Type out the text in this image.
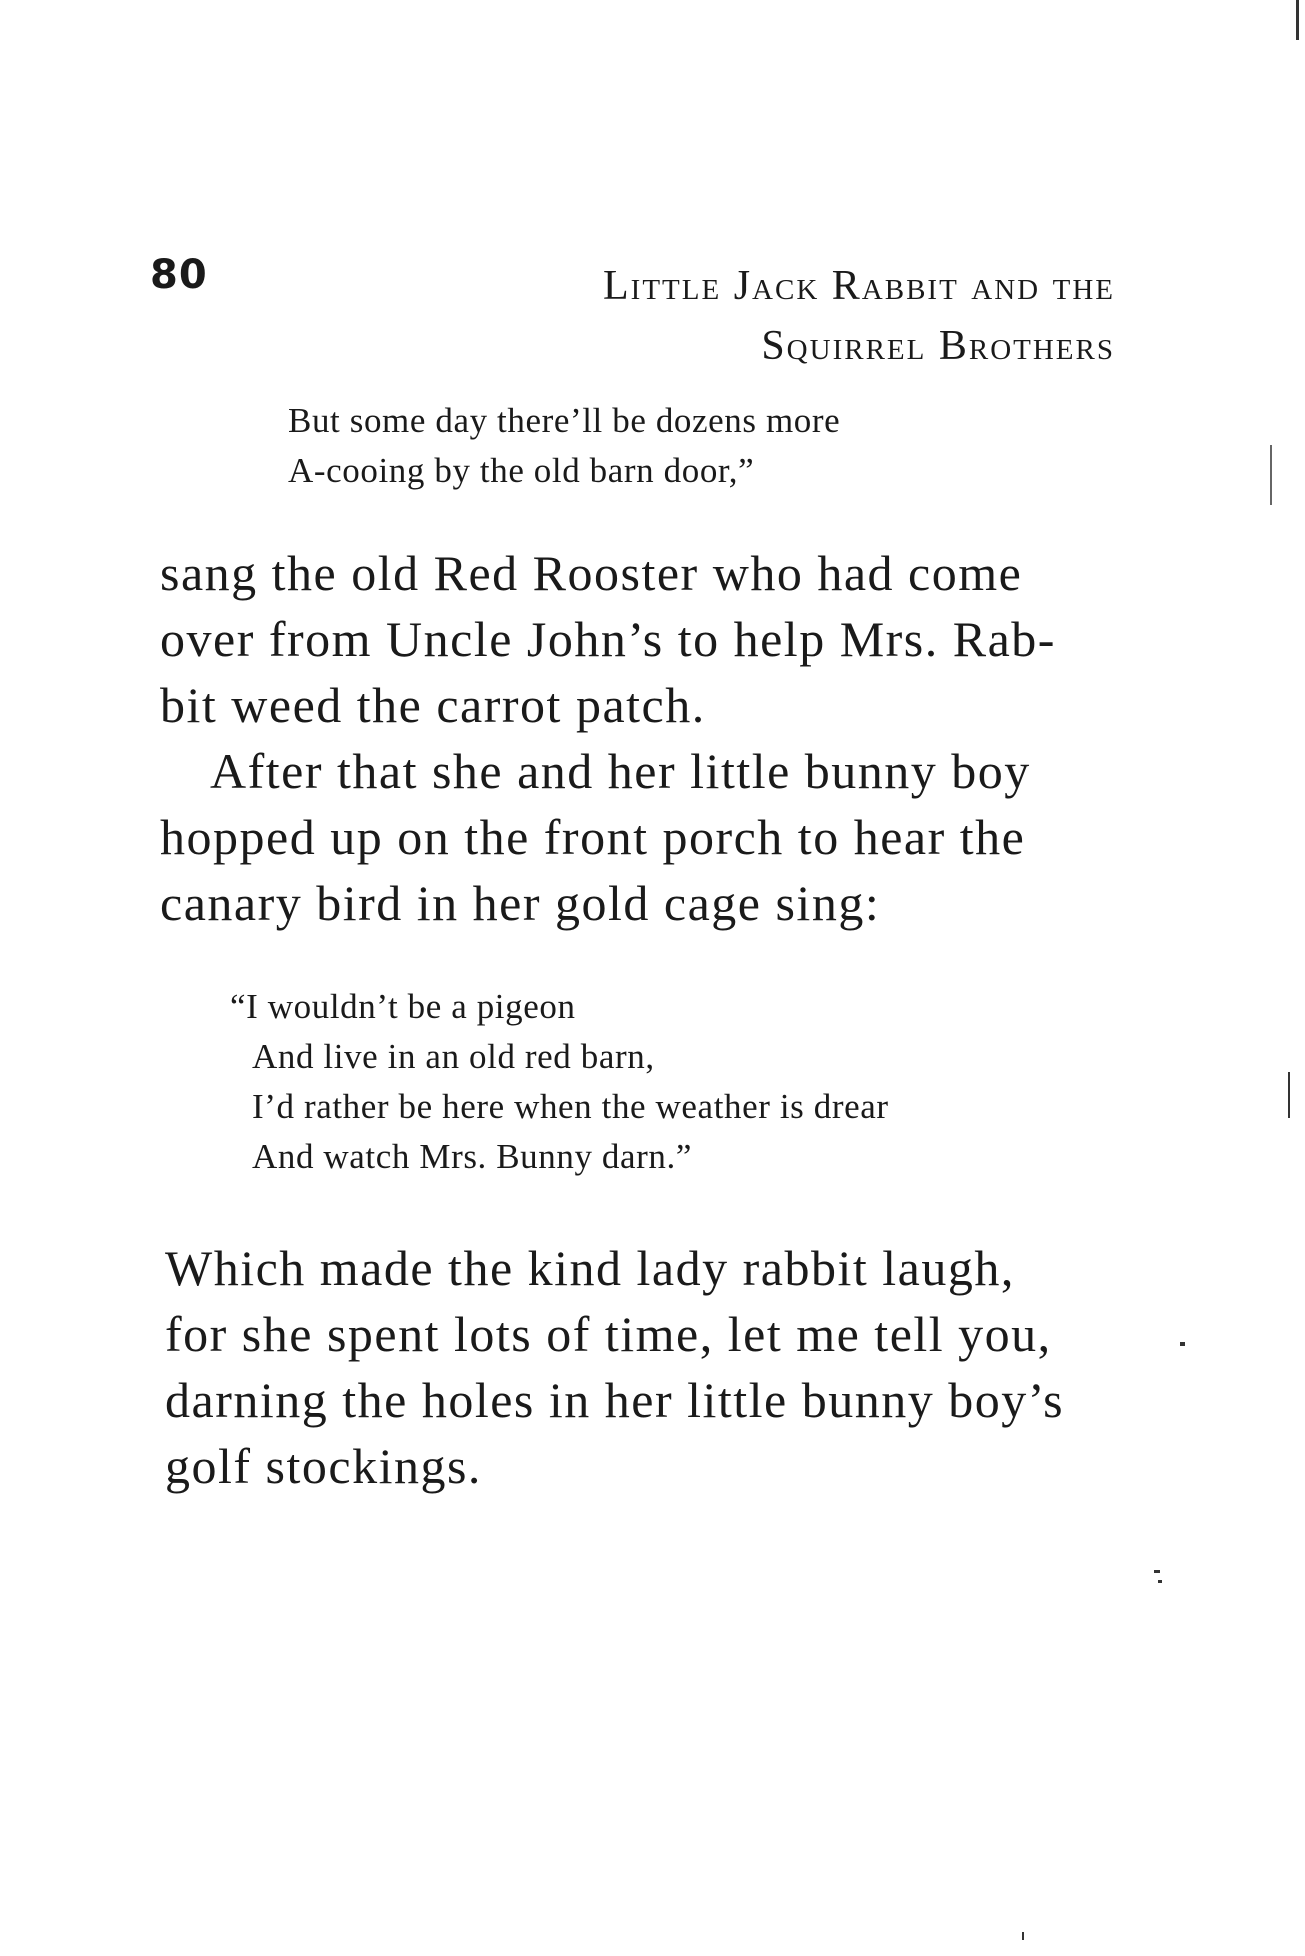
80	Little Jack Rabbit and the
Squirrel Brothers
But some day there’ll be dozens more
A-cooing by the old barn door,”
sang the old Red Rooster who had come
over from Uncle John’s to help Mrs. Rab-
bit weed the carrot patch.
After that she and her little bunny boy
hopped up on the front porch to hear the
canary bird in her gold cage sing:
“I wouldn’t be a pigeon
And live in an old red barn,
I’d rather be here when the weather is drear
And watch Mrs. Bunny darn.”
Which made the kind lady rabbit laugh,
for she spent lots of time, let me tell you,
darning the holes in her little bunny boy’s
golf stockings.
